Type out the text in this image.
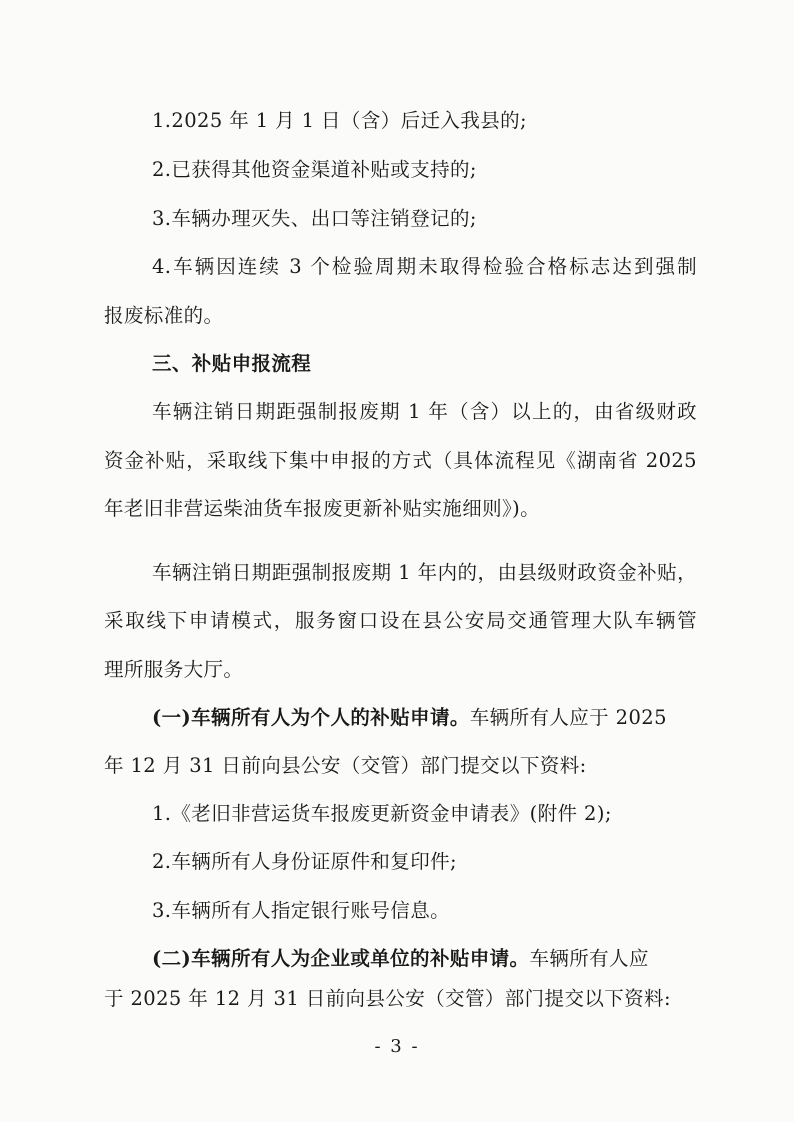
1.2025 年 1 月 1 日（含）后迁入我县的;
2.已获得其他资金渠道补贴或支持的;
3.车辆办理灭失、出口等注销登记的;
4.车辆因连续 3 个检验周期未取得检验合格标志达到强制
报废标准的。
三、补贴申报流程
车辆注销日期距强制报废期 1 年（含）以上的，由省级财政
资金补贴，采取线下集中申报的方式（具体流程见《湖南省 2025
年老旧非营运柴油货车报废更新补贴实施细则》)。
车辆注销日期距强制报废期 1 年内的，由县级财政资金补贴，
采取线下申请模式，服务窗口设在县公安局交通管理大队车辆管
理所服务大厅。
(一)车辆所有人为个人的补贴申请。车辆所有人应于 2025
年 12 月 31 日前向县公安（交管）部门提交以下资料:
1.《老旧非营运货车报废更新资金申请表》(附件 2);
2.车辆所有人身份证原件和复印件;
3.车辆所有人指定银行账号信息。
(二)车辆所有人为企业或单位的补贴申请。车辆所有人应
于 2025 年 12 月 31 日前向县公安（交管）部门提交以下资料:
- 3 -
